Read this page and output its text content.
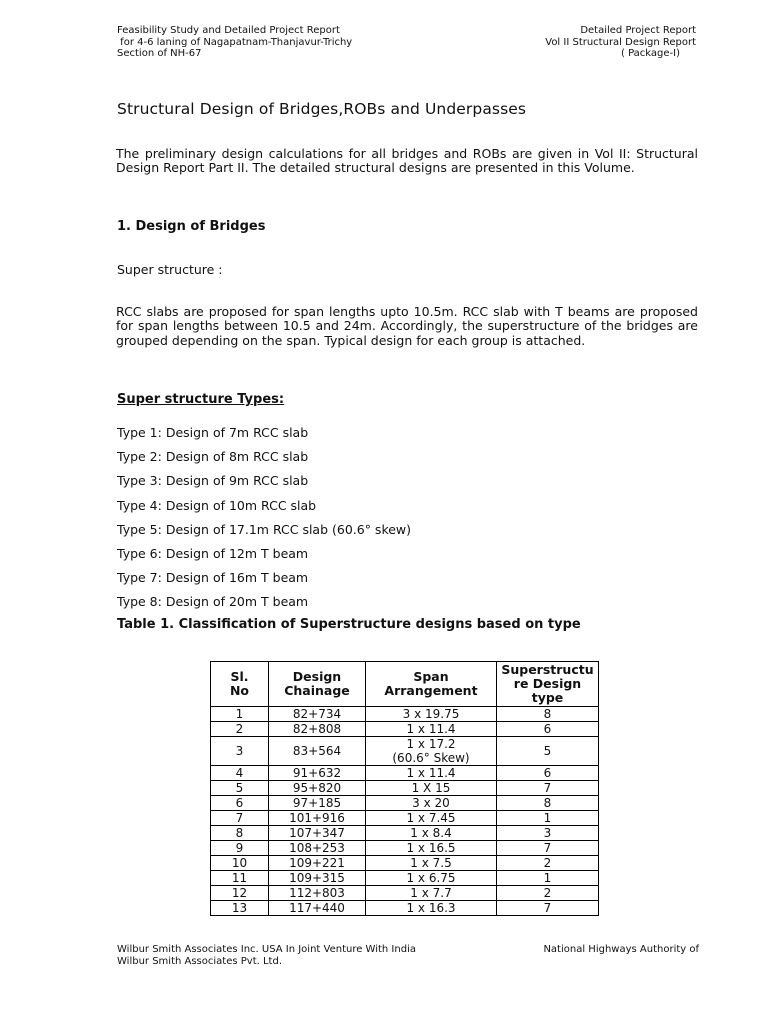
Feasibility Study and Detailed Project Report
for 4-6 laning of Nagapatnam-Thanjavur-Trichy
Section of NH-67
Detailed Project Report
Vol II Structural Design Report
( Package-I)
Structural Design of Bridges,ROBs and Underpasses

The preliminary design calculations for all bridges and ROBs are given in Vol II: Structural Design Report Part II. The detailed structural designs are presented in this Volume.

1. Design of Bridges

Super structure :

RCC slabs are proposed for span lengths upto 10.5m. RCC slab with T beams are proposed for span lengths between 10.5 and 24m. Accordingly, the superstructure of the bridges are grouped depending on the span. Typical design for each group is attached.

Super structure Types:
Type 1: Design of 7m RCC slab
Type 2: Design of 8m RCC slab
Type 3: Design of 9m RCC slab
Type 4: Design of 10m RCC slab
Type 5: Design of 17.1m RCC slab (60.6° skew)
Type 6: Design of 12m T beam
Type 7: Design of 16m T beam
Type 8: Design of 20m T beam

Table 1. Classification of Superstructure designs based on type

Sl.
No	Design
Chainage	Span
Arrangement	Superstructu
re Design
type
1	82+734	3 x 19.75	8
2	82+808	1 x 11.4	6
3	83+564	1 x 17.2
(60.6° Skew)	5
4	91+632	1 x 11.4	6
5	95+820	1 X 15	7
6	97+185	3 x 20	8
7	101+916	1 x 7.45	1
8	107+347	1 x 8.4	3
9	108+253	1 x 16.5	7
10	109+221	1 x 7.5	2
11	109+315	1 x 6.75	1
12	112+803	1 x 7.7	2
13	117+440	1 x 16.3	7
Wilbur Smith Associates Inc. USA In Joint Venture With India
Wilbur Smith Associates Pvt. Ltd.
National Highways Authority of
